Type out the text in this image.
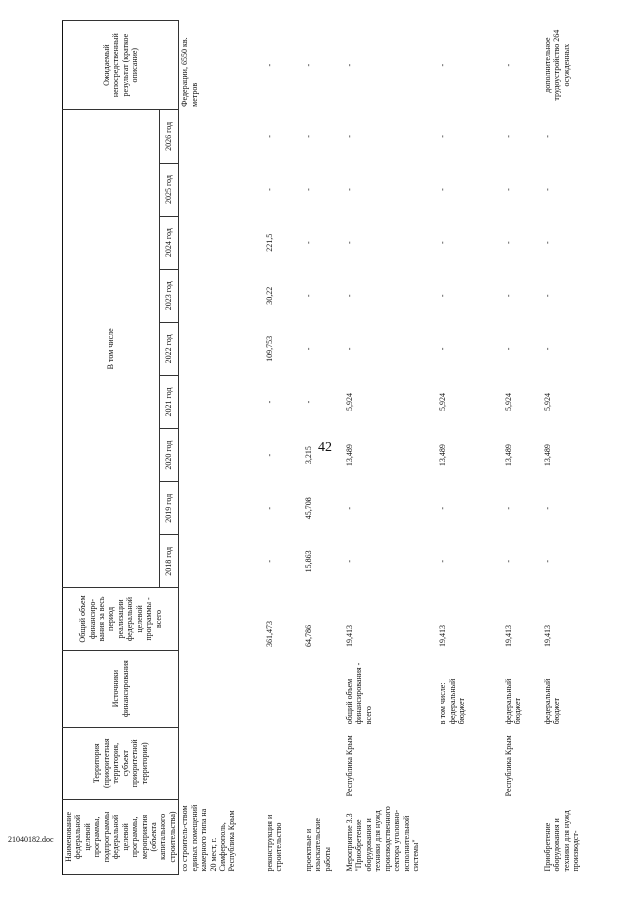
42
Наименование федеральной целевой программы, подпрограммы федеральной целевой программы, мероприятия (объекта капитального строительства)	Территория (приоритетная территория, субъект приоритетной территории)	Источники финансирования	Общий объем финансиро-вания за весь период реализации федеральной целевой программы - всего	В том числе									Ожидаемый непосредственный результат (краткое описание)
				2018 год	2019 год	2020 год	2021 год	2022 год	2023 год	2024 год	2025 год	2026 год	
со строитель-ством единых помещений камерного типа на 20 мест, г. Симферополь, Республика Крым													Федерации, 6550 кв. метров
реконструкция и строительство			361,473	-	-	-	-	109,753	30,22	221,5	-	-	-
проектные и изыскательские работы			64,786	15,863	45,708	3,215	-	-	-	-	-	-	-
Мероприятие 3.3 "Приобретение оборудования и техники для нужд производственного сектора уголовно-исполнительной системы"	Республика Крым	общий объем финансирования - всего	19,413	-	-	13,489	5,924	-	-	-	-	-	-
		в том числе: федеральный бюджет	19,413	-	-	13,489	5,924	-	-	-	-	-	-
	Республика Крым	федеральный бюджет	19,413	-	-	13,489	5,924	-	-	-	-	-	-
Приобретение оборудования и техники для нужд производст-		федеральный бюджет	19,413	-	-	13,489	5,924	-	-	-	-	-	дополнительное трудоустройство 264 осужденных
21040182.doc
